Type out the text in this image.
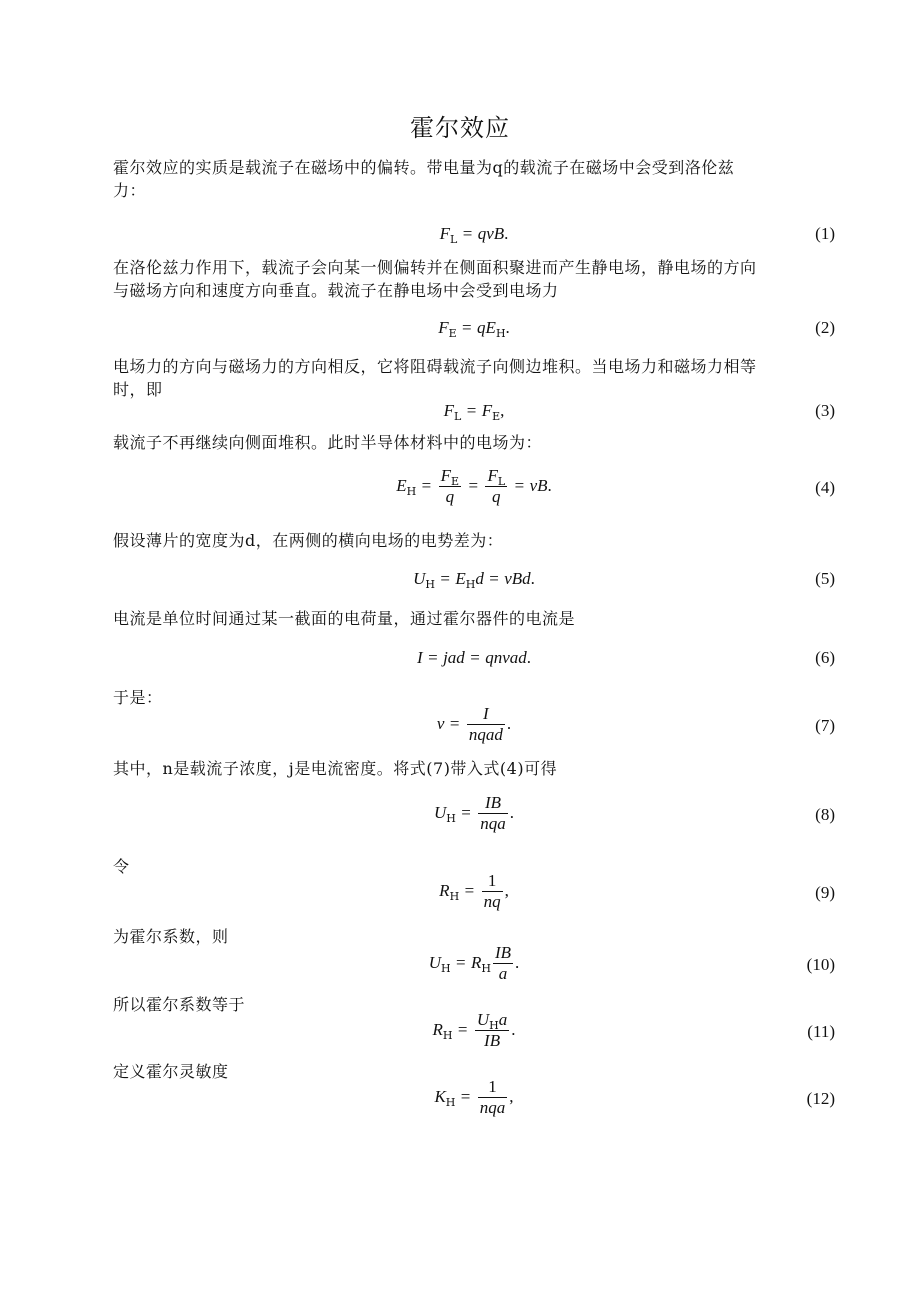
霍尔效应
霍尔效应的实质是载流子在磁场中的偏转。带电量为q的载流子在磁场中会受到洛伦兹
力：
$F_L$ = qvB.	(1)
在洛伦兹力作用下，载流子会向某一侧偏转并在侧面积聚进而产生静电场，静电场的方向
与磁场方向和速度方向垂直。载流子在静电场中会受到电场力
$F_E = qE_H$.	(2)
电场力的方向与磁场力的方向相反，它将阻碍载流子向侧边堆积。当电场力和磁场力相等
时，即
$F_L = F_E$,	(3)
载流子不再继续向侧面堆积。此时半导体材料中的电场为：
$E_H = \frac{F_E}{q} = \frac{F_L}{q}$ = vB.	(4)
假设薄片的宽度为d，在两侧的横向电场的电势差为：
$U_H = E_Hd$ = vBd.	(5)
电流是单位时间通过某一截面的电荷量，通过霍尔器件的电流是
I = jad = qnvad.	(6)
于是：
$v = \frac{I}{\text{nqad}}$ .	(7)
其中，n是载流子浓度，j是电流密度。将式(7)带入式(4)可得
$U_H = \frac{IB}{\text{nqa}}$ .	(8)
令
$R_H = \frac{1}{nq}$ ,	(9)
为霍尔系数，则
$U_H = R_H \frac{IB}{a}$ .	(10)
所以霍尔系数等于
$R_H = \frac{U_Ha}{IB}$ .	(11)
定义霍尔灵敏度
$K_H = \frac{1}{\text{nqa}}$ ,	(12)
